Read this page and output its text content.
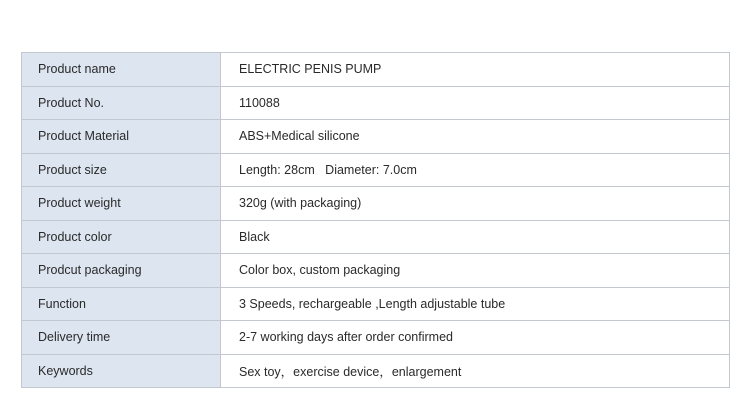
Product name	ELECTRIC PENIS PUMP
Product No.	110088
Product Material	ABS+Medical silicone
Product size	Length: 28cm   Diameter: 7.0cm
Product weight	320g (with packaging)
Product color	Black
Prodcut packaging	Color box, custom packaging
Function	3 Speeds, rechargeable ,Length adjustable tube
Delivery time	2-7 working days after order confirmed
Keywords	Sex toy，exercise device，enlargement
